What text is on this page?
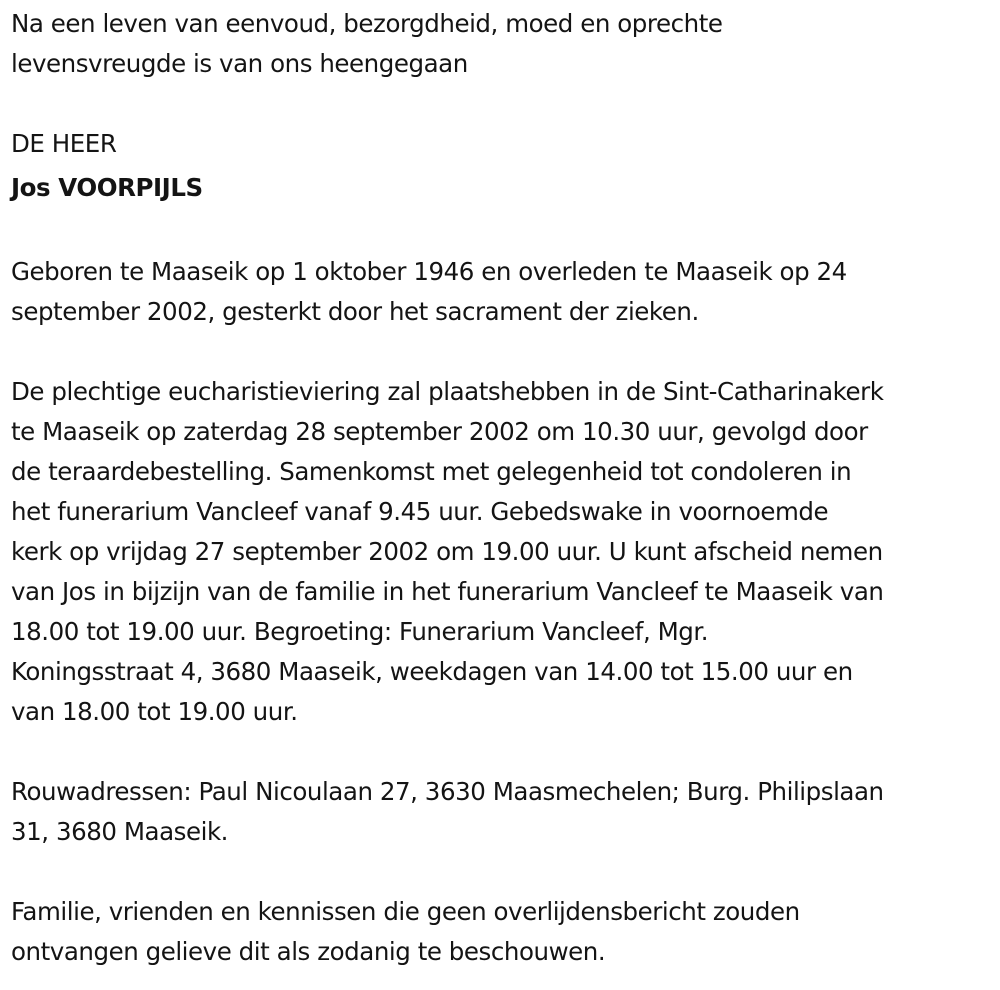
Na een leven van eenvoud, bezorgdheid, moed en oprechte
levensvreugde is van ons heengegaan
DE HEER
Jos VOORPIJLS
Geboren te Maaseik op 1 oktober 1946 en overleden te Maaseik op 24
september 2002, gesterkt door het sacrament der zieken.
De plechtige eucharistieviering zal plaatshebben in de Sint-Catharinakerk
te Maaseik op zaterdag 28 september 2002 om 10.30 uur, gevolgd door
de teraardebestelling. Samenkomst met gelegenheid tot condoleren in
het funerarium Vancleef vanaf 9.45 uur. Gebedswake in voornoemde
kerk op vrijdag 27 september 2002 om 19.00 uur. U kunt afscheid nemen
van Jos in bijzijn van de familie in het funerarium Vancleef te Maaseik van
18.00 tot 19.00 uur. Begroeting: Funerarium Vancleef, Mgr.
Koningsstraat 4, 3680 Maaseik, weekdagen van 14.00 tot 15.00 uur en
van 18.00 tot 19.00 uur.
Rouwadressen: Paul Nicoulaan 27, 3630 Maasmechelen; Burg. Philipslaan
31, 3680 Maaseik.
Familie, vrienden en kennissen die geen overlijdensbericht zouden
ontvangen gelieve dit als zodanig te beschouwen.
